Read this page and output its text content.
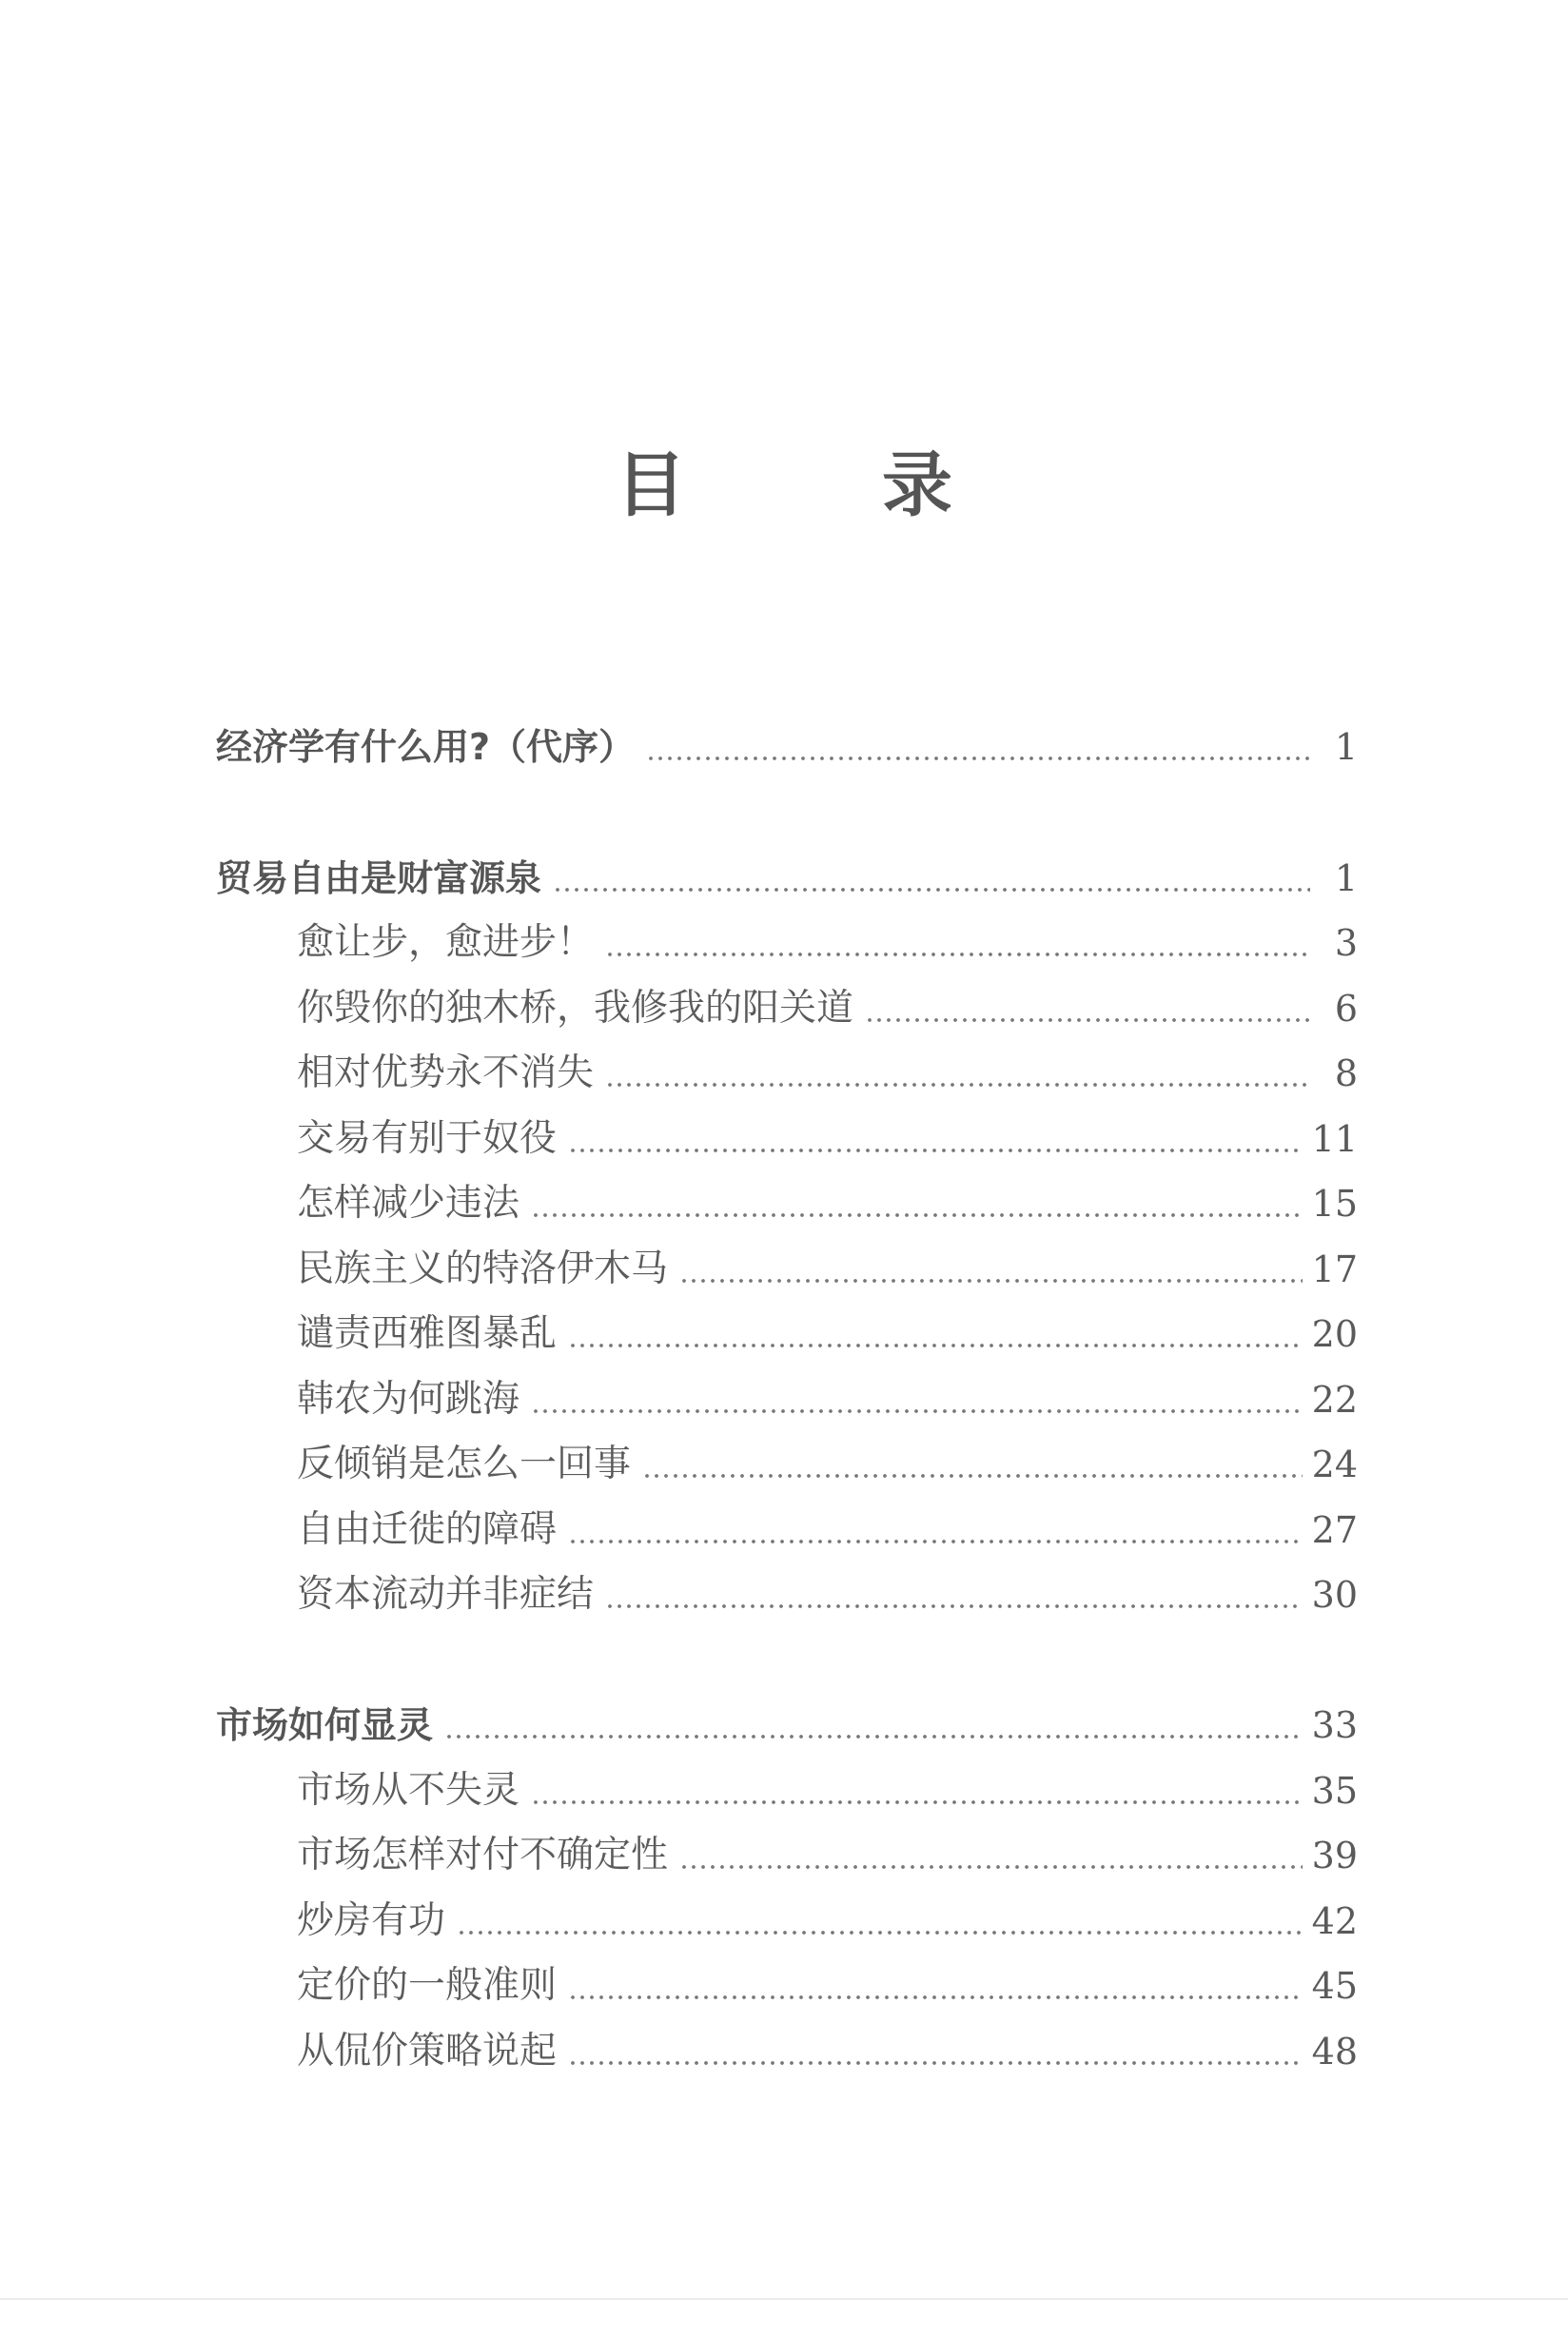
目　录
经济学有什么用?（代序）	1
贸易自由是财富源泉	1
愈让步，愈进步！	3
你毁你的独木桥，我修我的阳关道	6
相对优势永不消失	8
交易有别于奴役	11
怎样减少违法	15
民族主义的特洛伊木马	17
谴责西雅图暴乱	20
韩农为何跳海	22
反倾销是怎么一回事	24
自由迁徙的障碍	27
资本流动并非症结	30
市场如何显灵	33
市场从不失灵	35
市场怎样对付不确定性	39
炒房有功	42
定价的一般准则	45
从侃价策略说起	48
